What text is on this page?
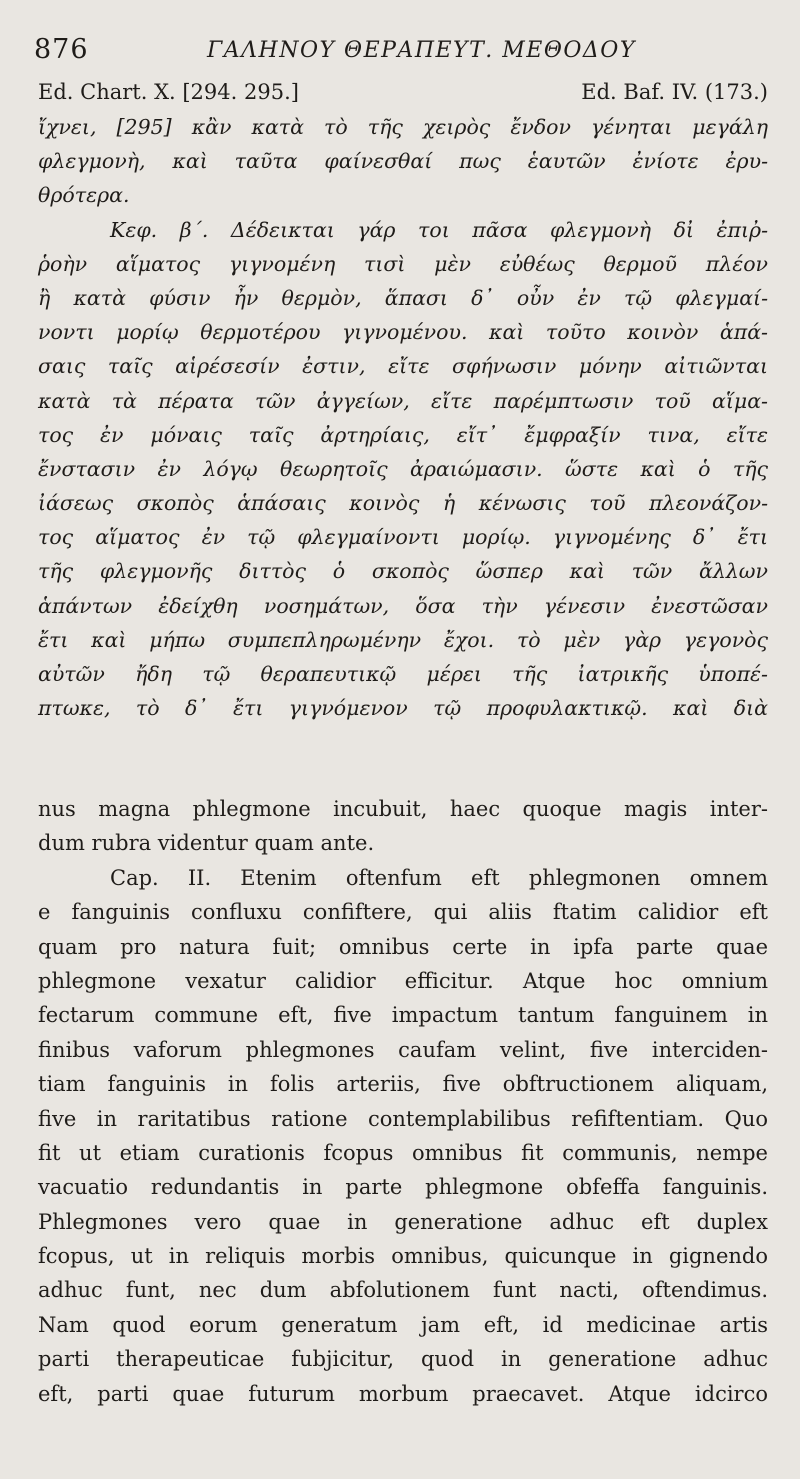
876	ΓΑΛΗΝΟΥ ΘΕΡΑΠΕΥΤ. ΜΕΘΟΔΟΥ
Ed. Chart. X. [294. 295.]	Ed. Baf. IV. (173.)
ἴχνει, [295] κἂν κατὰ τὸ τῆς χειρὸς ἔνδον γένηται μεγάλη
φλεγμονὴ, καὶ ταῦτα φαίνεσθαί πως ἑαυτῶν ἐνίοτε ἐρυ-
θρότερα.
Κεφ. β΄. Δέδεικται γάρ τοι πᾶσα φλεγμονὴ δἰ ἐπιῤ-
ῥοὴν αἵματος γιγνομένη τισὶ μὲν εὐθέως θερμοῦ πλέον
ἢ κατὰ φύσιν ἦν θερμὸν, ἅπασι δ᾽ οὖν ἐν τῷ φλεγμαί-
νοντι μορίῳ θερμοτέρου γιγνομένου. καὶ τοῦτο κοινὸν ἁπά-
σαις ταῖς αἱρέσεσίν ἐστιν, εἴτε σφήνωσιν μόνην αἰτιῶνται
κατὰ τὰ πέρατα τῶν ἀγγείων, εἴτε παρέμπτωσιν τοῦ αἵμα-
τος ἐν μόναις ταῖς ἀρτηρίαις, εἴτ᾽ ἔμφραξίν τινα, εἴτε
ἔνστασιν ἐν λόγῳ θεωρητοῖς ἀραιώμασιν. ὥστε καὶ ὁ τῆς
ἰάσεως σκοπὸς ἁπάσαις κοινὸς ἡ κένωσις τοῦ πλεονάζον-
τος αἵματος ἐν τῷ φλεγμαίνοντι μορίῳ. γιγνομένης δ᾽ ἔτι
τῆς φλεγμονῆς διττὸς ὁ σκοπὸς ὥσπερ καὶ τῶν ἄλλων
ἁπάντων ἐδείχθη νοσημάτων, ὅσα τὴν γένεσιν ἐνεστῶσαν
ἔτι καὶ μήπω συμπεπληρωμένην ἔχοι. τὸ μὲν γὰρ γεγονὸς
αὐτῶν ἤδη τῷ θεραπευτικῷ μέρει τῆς ἰατρικῆς ὑποπέ-
πτωκε, τὸ δ᾽ ἔτι γιγνόμενον τῷ προφυλακτικῷ. καὶ διὰ
nus magna phlegmone incubuit, haec quoque magis inter-
dum rubra videntur quam ante.
Cap. II. Etenim oftenfum eft phlegmonen omnem
e fanguinis confluxu confiftere, qui aliis ftatim calidior eft
quam pro natura fuit; omnibus certe in ipfa parte quae
phlegmone vexatur calidior efficitur. Atque hoc omnium
fectarum commune eft, five impactum tantum fanguinem in
finibus vaforum phlegmones caufam velint, five interciden-
tiam fanguinis in folis arteriis, five obftructionem aliquam,
five in raritatibus ratione contemplabilibus refiftentiam. Quo
fit ut etiam curationis fcopus omnibus fit communis, nempe
vacuatio redundantis in parte phlegmone obfeffa fanguinis.
Phlegmones vero quae in generatione adhuc eft duplex
fcopus, ut in reliquis morbis omnibus, quicunque in gignendo
adhuc funt, nec dum abfolutionem funt nacti, oftendimus.
Nam quod eorum generatum jam eft, id medicinae artis
parti therapeuticae fubjicitur, quod in generatione adhuc
eft, parti quae futurum morbum praecavet. Atque idcirco
